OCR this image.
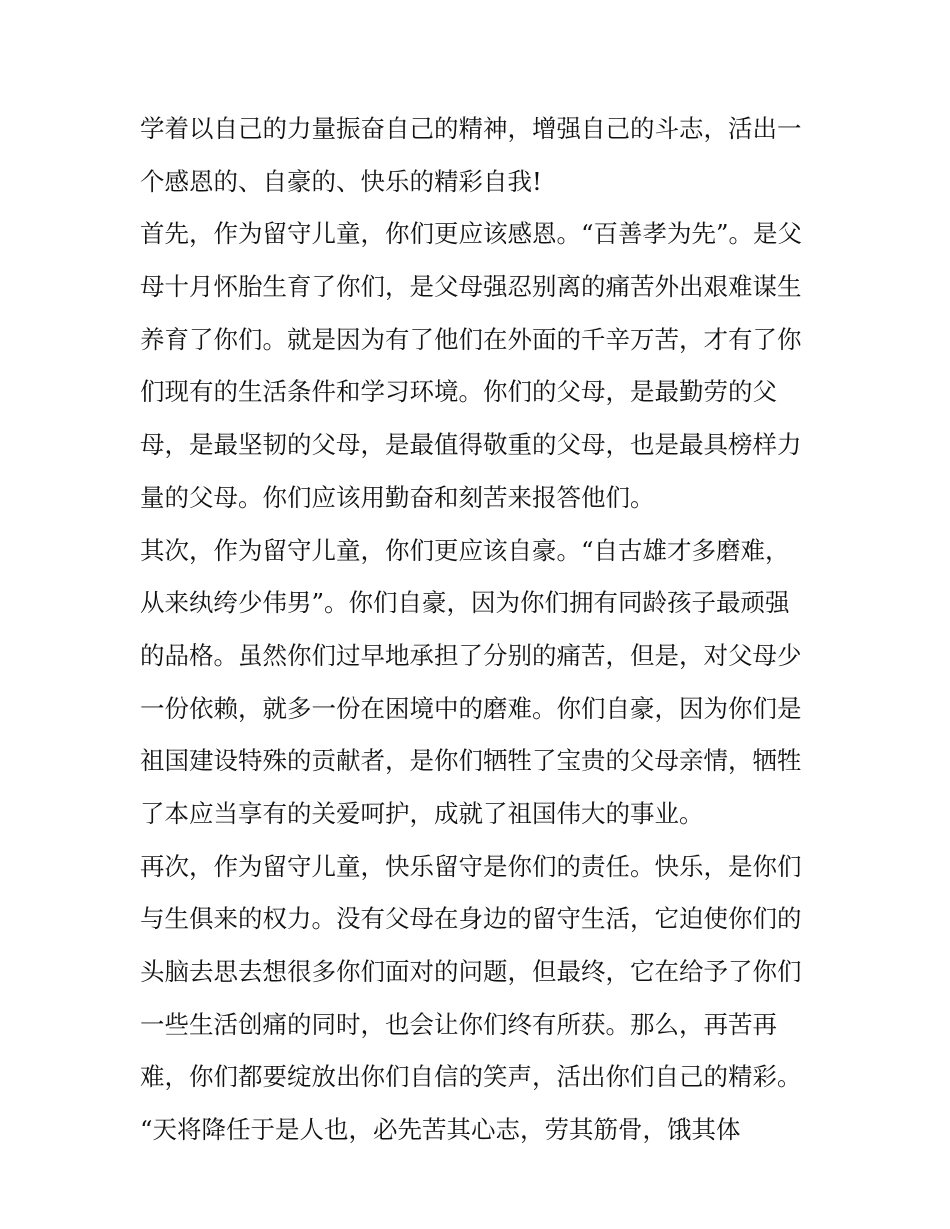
学着以自己的力量振奋自己的精神，增强自己的斗志，活出一
个感恩的、自豪的、快乐的精彩自我!
首先，作为留守儿童，你们更应该感恩。“百善孝为先”。是父
母十月怀胎生育了你们，是父母强忍别离的痛苦外出艰难谋生
养育了你们。就是因为有了他们在外面的千辛万苦，才有了你
们现有的生活条件和学习环境。你们的父母，是最勤劳的父
母，是最坚韧的父母，是最值得敬重的父母，也是最具榜样力
量的父母。你们应该用勤奋和刻苦来报答他们。
其次，作为留守儿童，你们更应该自豪。“自古雄才多磨难，
从来纨绔少伟男”。你们自豪，因为你们拥有同龄孩子最顽强
的品格。虽然你们过早地承担了分别的痛苦，但是，对父母少
一份依赖，就多一份在困境中的磨难。你们自豪，因为你们是
祖国建设特殊的贡献者，是你们牺牲了宝贵的父母亲情，牺牲
了本应当享有的关爱呵护，成就了祖国伟大的事业。
再次，作为留守儿童，快乐留守是你们的责任。快乐，是你们
与生俱来的权力。没有父母在身边的留守生活，它迫使你们的
头脑去思去想很多你们面对的问题，但最终，它在给予了你们
一些生活创痛的同时，也会让你们终有所获。那么，再苦再
难，你们都要绽放出你们自信的笑声，活出你们自己的精彩。
“天将降任于是人也，必先苦其心志，劳其筋骨，饿其体
